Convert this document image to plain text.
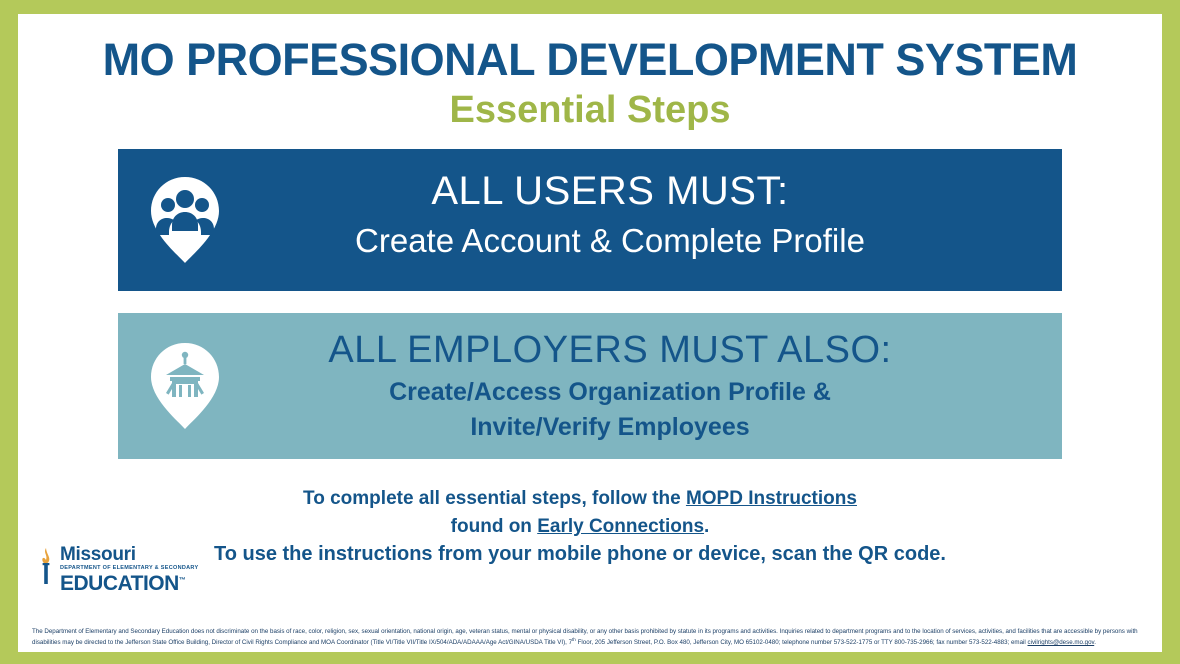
MO PROFESSIONAL DEVELOPMENT SYSTEM
Essential Steps
ALL USERS MUST:
Create Account & Complete Profile
ALL EMPLOYERS MUST ALSO:
Create/Access Organization Profile &
Invite/Verify Employees
To complete all essential steps, follow the MOPD Instructions
found on Early Connections.
To use the instructions from your mobile phone or device, scan the QR code.
Missouri
DEPARTMENT OF ELEMENTARY & SECONDARY
EDUCATION™
The Department of Elementary and Secondary Education does not discriminate on the basis of race, color, religion, sex, sexual orientation, national origin, age, veteran status, mental or physical disability, or any other basis prohibited by statute in its programs and activities. Inquiries related to department programs and to the location of services, activities, and facilities that are accessible by persons with disabilities may be directed to the Jefferson State Office Building, Director of Civil Rights Compliance and MOA Coordinator (Title VI/Title VII/Title IX/504/ADA/ADAAA/Age Act/GINA/USDA Title VI), 7th Floor, 205 Jefferson Street, P.O. Box 480, Jefferson City, MO 65102-0480; telephone number 573-522-1775 or TTY 800-735-2966; fax number 573-522-4883; email civilrights@dese.mo.gov.
